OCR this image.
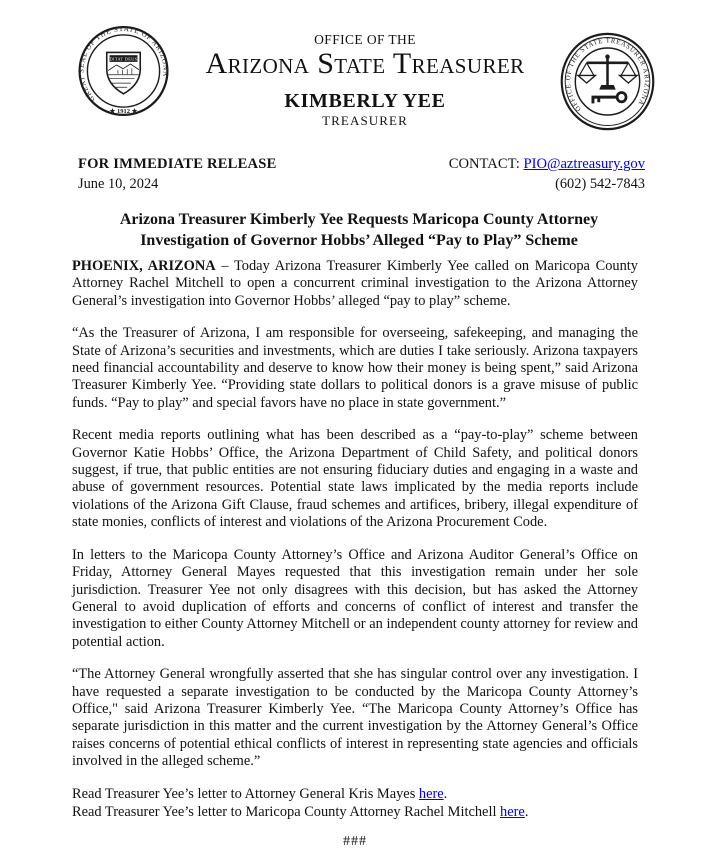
GREAT SEAL OF THE STATE OF ARIZONA
★ 1912 ★
DITAT DEUS
OFFICE OF THE
Arizona State Treasurer
KIMBERLY YEE
TREASURER
OFFICE OF THE STATE TREASURER ARIZONA
FOR IMMEDIATE RELEASE
June 10, 2024
CONTACT: PIO@aztreasury.gov
(602) 542-7843
Arizona Treasurer Kimberly Yee Requests Maricopa County Attorney
Investigation of Governor Hobbs’ Alleged “Pay to Play” Scheme

PHOENIX, ARIZONA – Today Arizona Treasurer Kimberly Yee called on Maricopa County Attorney Rachel Mitchell to open a concurrent criminal investigation to the Arizona Attorney General’s investigation into Governor Hobbs’ alleged “pay to play” scheme.

“As the Treasurer of Arizona, I am responsible for overseeing, safekeeping, and managing the State of Arizona’s securities and investments, which are duties I take seriously. Arizona taxpayers need financial accountability and deserve to know how their money is being spent,” said Arizona Treasurer Kimberly Yee. “Providing state dollars to political donors is a grave misuse of public funds. “Pay to play” and special favors have no place in state government.”

Recent media reports outlining what has been described as a “pay-to-play” scheme between Governor Katie Hobbs’ Office, the Arizona Department of Child Safety, and political donors suggest, if true, that public entities are not ensuring fiduciary duties and engaging in a waste and abuse of government resources. Potential state laws implicated by the media reports include violations of the Arizona Gift Clause, fraud schemes and artifices, bribery, illegal expenditure of state monies, conflicts of interest and violations of the Arizona Procurement Code.

In letters to the Maricopa County Attorney’s Office and Arizona Auditor General’s Office on Friday, Attorney General Mayes requested that this investigation remain under her sole jurisdiction. Treasurer Yee not only disagrees with this decision, but has asked the Attorney General to avoid duplication of efforts and concerns of conflict of interest and transfer the investigation to either County Attorney Mitchell or an independent county attorney for review and potential action.

“The Attorney General wrongfully asserted that she has singular control over any investigation. I have requested a separate investigation to be conducted by the Maricopa County Attorney’s Office," said Arizona Treasurer Kimberly Yee. “The Maricopa County Attorney’s Office has separate jurisdiction in this matter and the current investigation by the Attorney General’s Office raises concerns of potential ethical conflicts of interest in representing state agencies and officials involved in the alleged scheme.”

Read Treasurer Yee’s letter to Attorney General Kris Mayes here.

Read Treasurer Yee’s letter to Maricopa County Attorney Rachel Mitchell here.

###
